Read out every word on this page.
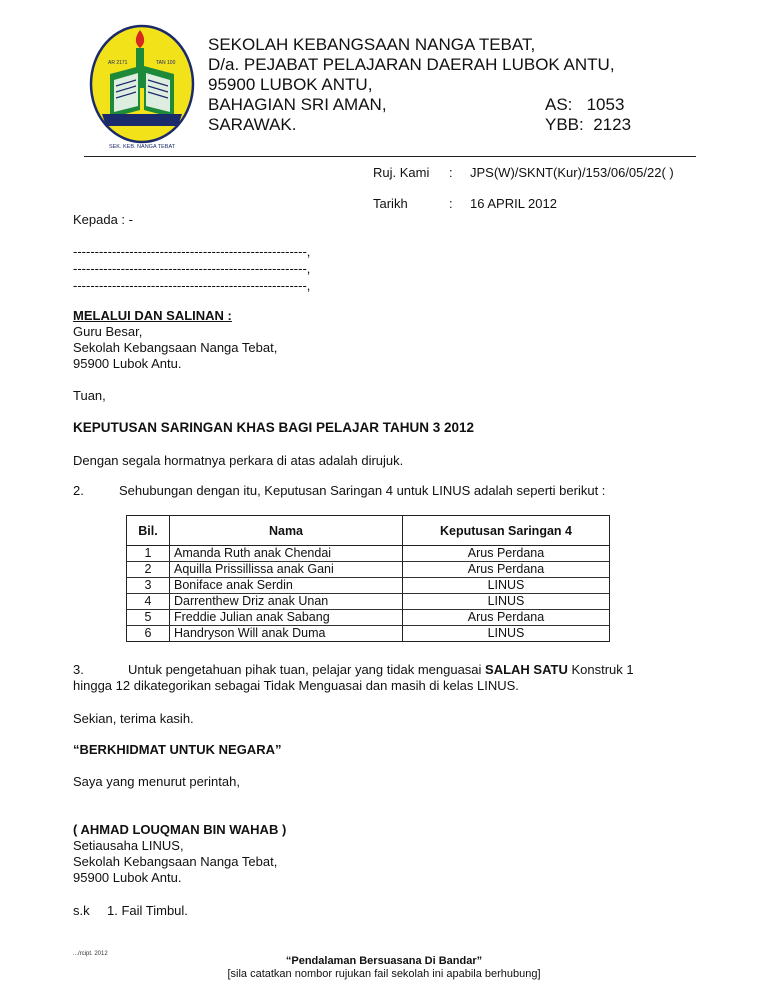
AR 2171	TAN 100
SEK. KEB. NANGA TEBAT
SEKOLAH KEBANGSAAN NANGA TEBAT,
D/a. PEJABAT PELAJARAN DAERAH LUBOK ANTU,
95900 LUBOK ANTU,
BAHAGIAN SRI AMAN,
SARAWAK.
AS: 1053
YBB: 2123
Ruj. Kami : JPS(W)/SKNT(Kur)/153/06/05/22( )
Tarikh	: 16 APRIL 2012
Kepada : -
------------------------------------------------------,
------------------------------------------------------,
------------------------------------------------------,
MELALUI DAN SALINAN :
Guru Besar,
Sekolah Kebangsaan Nanga Tebat,
95900 Lubok Antu.
Tuan,
KEPUTUSAN SARINGAN KHAS BAGI PELAJAR TAHUN 3 2012
Dengan segala hormatnya perkara di atas adalah dirujuk.
2.	Sehubungan dengan itu, Keputusan Saringan 4 untuk LINUS adalah seperti berikut :
Bil.	Nama	Keputusan Saringan 4
1	Amanda Ruth anak Chendai	Arus Perdana
2	Aquilla Prissillissa anak Gani	Arus Perdana
3	Boniface anak Serdin	LINUS
4	Darrenthew Driz anak Unan	LINUS
5	Freddie Julian anak Sabang	Arus Perdana
6	Handryson Will anak Duma	LINUS
3.	Untuk pengetahuan pihak tuan, pelajar yang tidak menguasai SALAH SATU Konstruk 1
hingga 12 dikategorikan sebagai Tidak Menguasai dan masih di kelas LINUS.
Sekian, terima kasih.
“BERKHIDMAT UNTUK NEGARA”
Saya yang menurut perintah,
( AHMAD LOUQMAN BIN WAHAB )
Setiausaha LINUS,
Sekolah Kebangsaan Nanga Tebat,
95900 Lubok Antu.
s.k 1. Fail Timbul.
.../rcipt. 2012
“Pendalaman Bersuasana Di Bandar”
[sila catatkan nombor rujukan fail sekolah ini apabila berhubung]
